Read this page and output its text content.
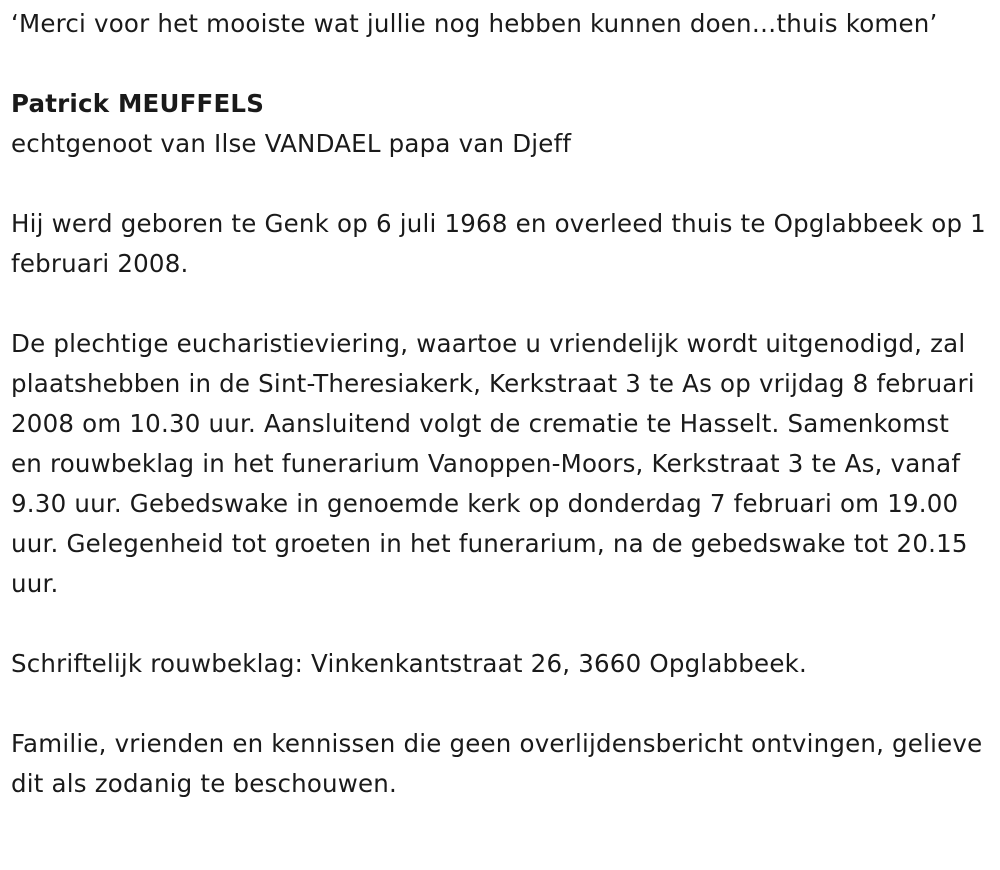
‘Merci voor het mooiste wat jullie nog hebben kunnen doen…thuis komen’

Patrick MEUFFELS

echtgenoot van Ilse VANDAEL papa van Djeff

Hij werd geboren te Genk op 6 juli 1968 en overleed thuis te Opglabbeek op 1 februari 2008.

De plechtige eucharistieviering, waartoe u vriendelijk wordt uitgenodigd, zal plaatshebben in de Sint-Theresiakerk, Kerkstraat 3 te As op vrijdag 8 februari 2008 om 10.30 uur. Aansluitend volgt de crematie te Hasselt. Samenkomst en rouwbeklag in het funerarium Vanoppen-Moors, Kerkstraat 3 te As, vanaf 9.30 uur. Gebedswake in genoemde kerk op donderdag 7 februari om 19.00 uur. Gelegenheid tot groeten in het funerarium, na de gebedswake tot 20.15 uur.

Schriftelijk rouwbeklag: Vinkenkantstraat 26, 3660 Opglabbeek.

Familie, vrienden en kennissen die geen overlijdensbericht ontvingen, gelieve dit als zodanig te beschouwen.
